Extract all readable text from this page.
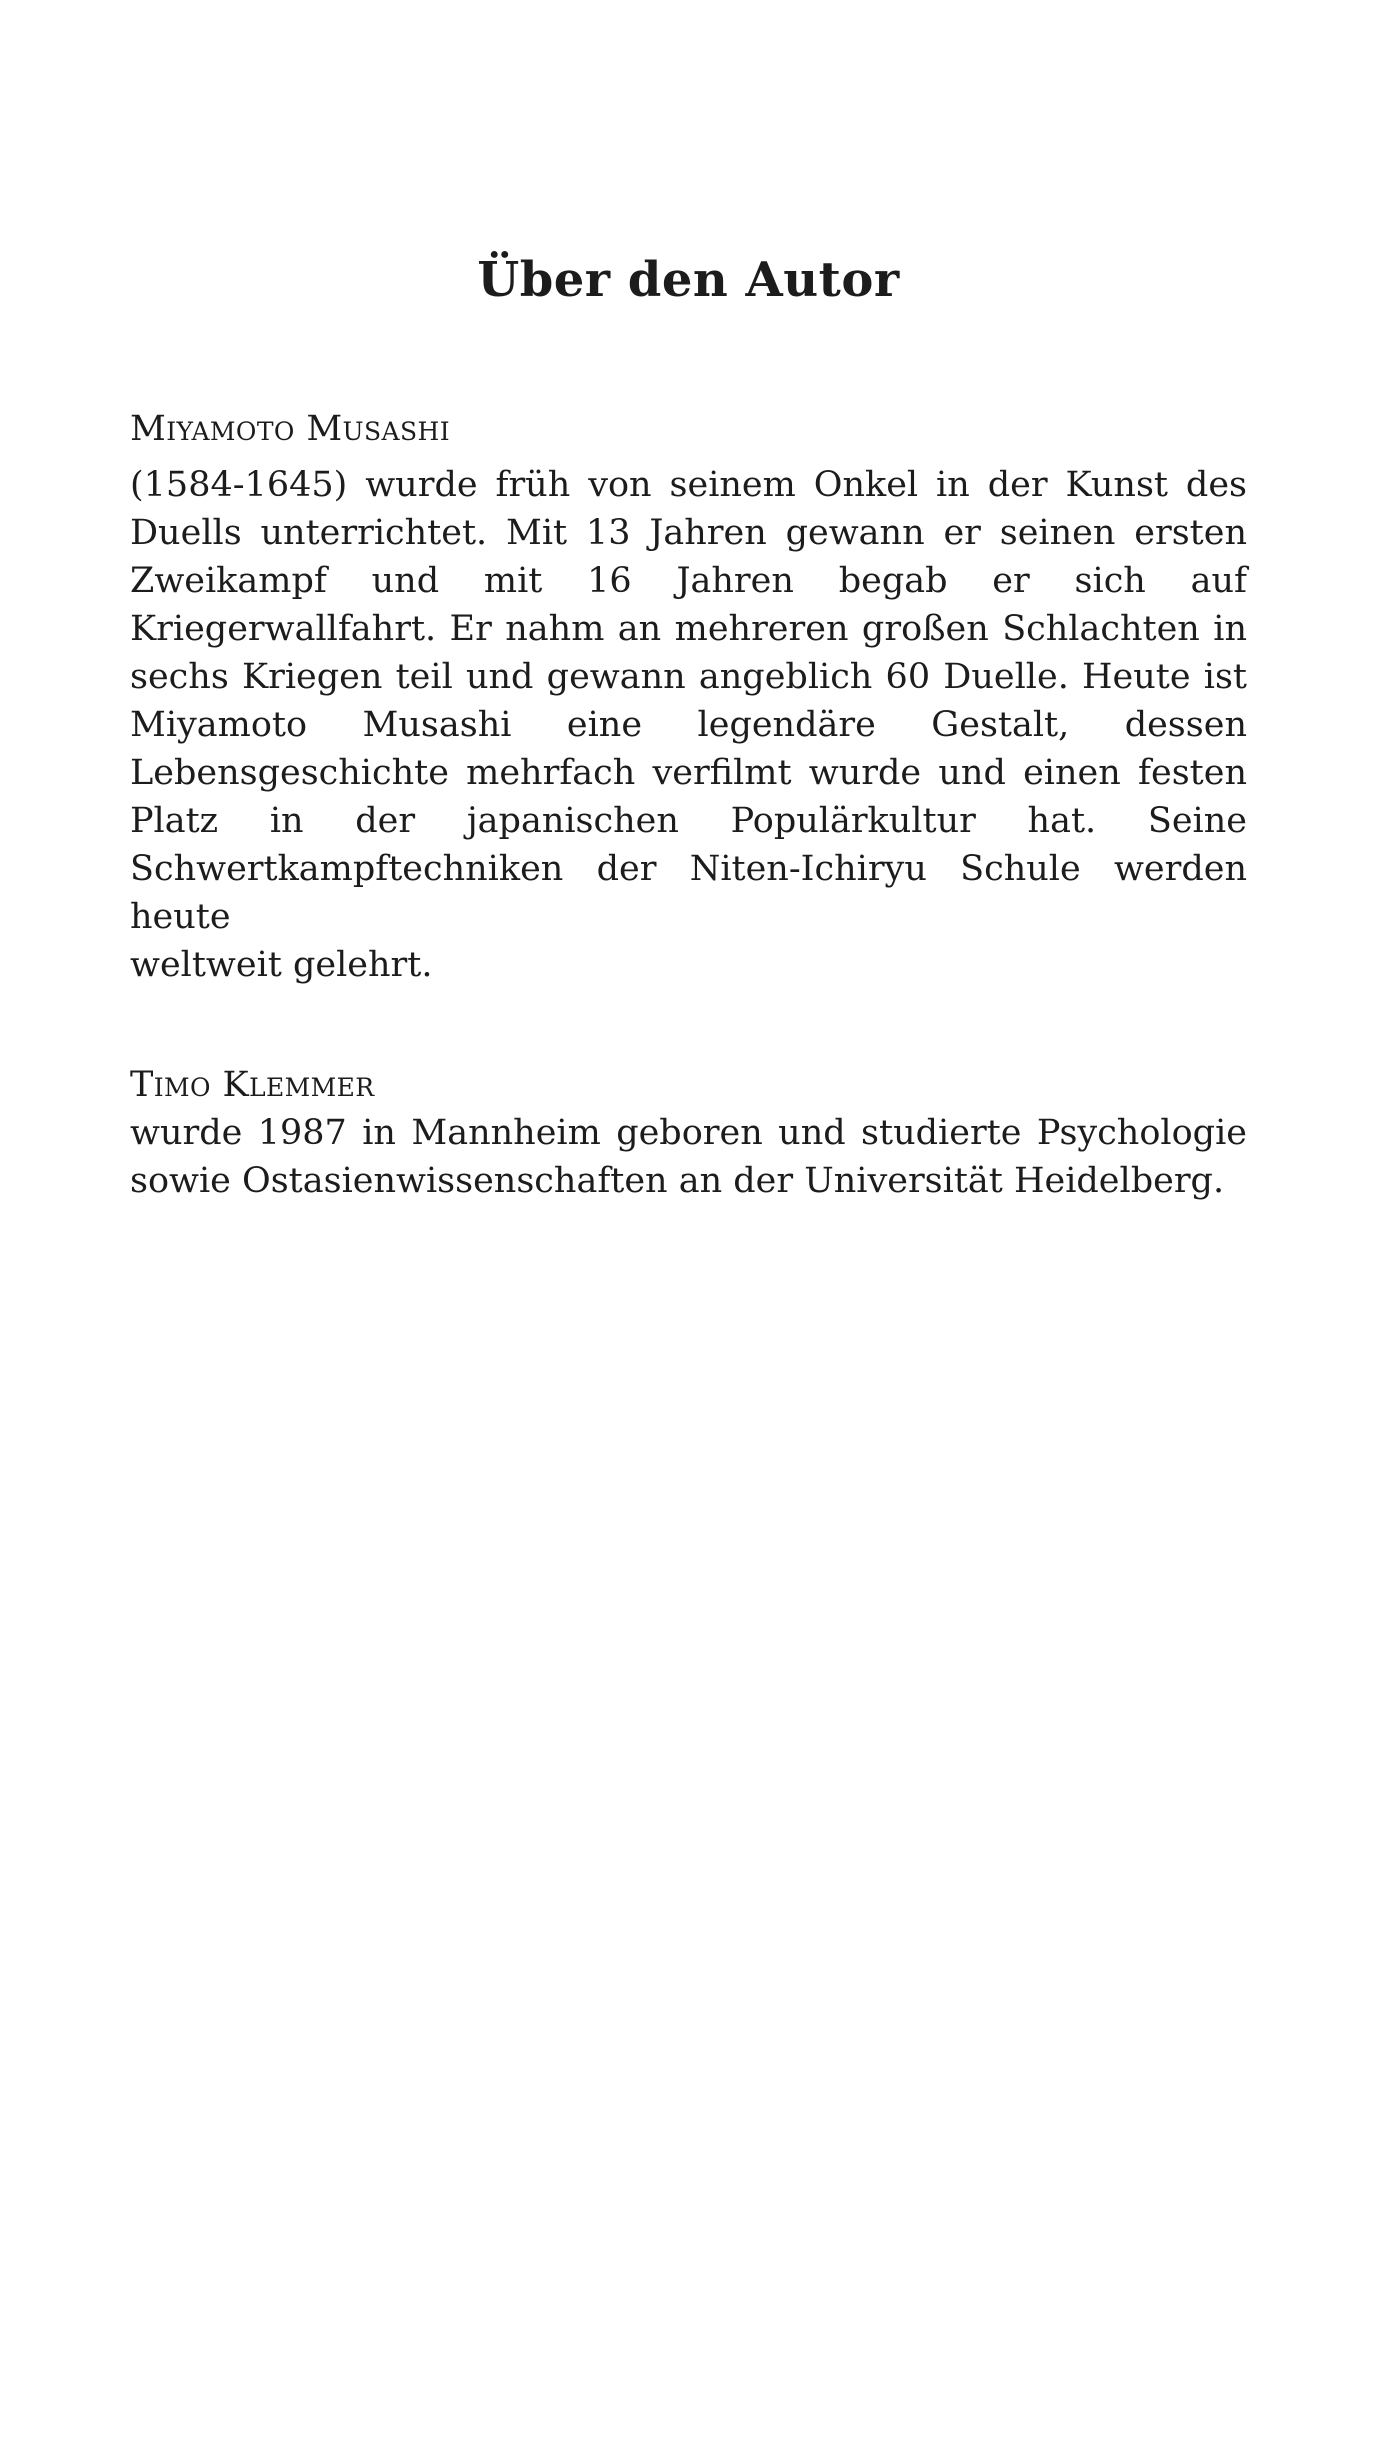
Über den Autor
Miyamoto Musashi
(1584-1645) wurde früh von seinem Onkel in der Kunst des
Duells unterrichtet. Mit 13 Jahren gewann er seinen ersten
Zweikampf und mit 16 Jahren begab er sich auf
Kriegerwallfahrt. Er nahm an mehreren großen Schlachten in
sechs Kriegen teil und gewann angeblich 60 Duelle. Heute ist
Miyamoto Musashi eine legendäre Gestalt, dessen
Lebensgeschichte mehrfach verfilmt wurde und einen festen
Platz in der japanischen Populärkultur hat. Seine
Schwertkampftechniken der Niten-Ichiryu Schule werden heute
weltweit gelehrt.
Timo Klemmer
wurde 1987 in Mannheim geboren und studierte Psychologie
sowie Ostasienwissenschaften an der Universität Heidelberg.
